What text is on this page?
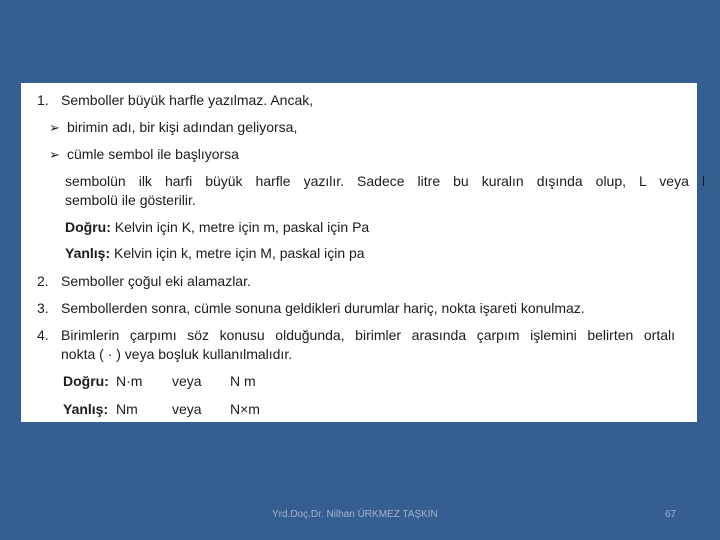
1. Semboller büyük harfle yazılmaz. Ancak,
➢ birimin adı, bir kişi adından geliyorsa,
➢ cümle sembol ile başlıyorsa
sembolün ilk harfi büyük harfle yazılır. Sadece litre bu kuralın dışında olup, L veya l
sembolü ile gösterilir.
Doğru: Kelvin için K, metre için m, paskal için Pa
Yanlış: Kelvin için k, metre için M, paskal için pa
2. Semboller çoğul eki alamazlar.
3. Sembollerden sonra, cümle sonuna geldikleri durumlar hariç, nokta işareti konulmaz.
4. Birimlerin çarpımı söz konusu olduğunda, birimler arasında çarpım işlemini belirten ortalı
nokta ( · ) veya boşluk kullanılmalıdır.
Doğru: N·m veya N m
Yanlış: Nm veya N×m
Yrd.Doç.Dr. Nilhan ÜRKMEZ TAŞKIN	67
